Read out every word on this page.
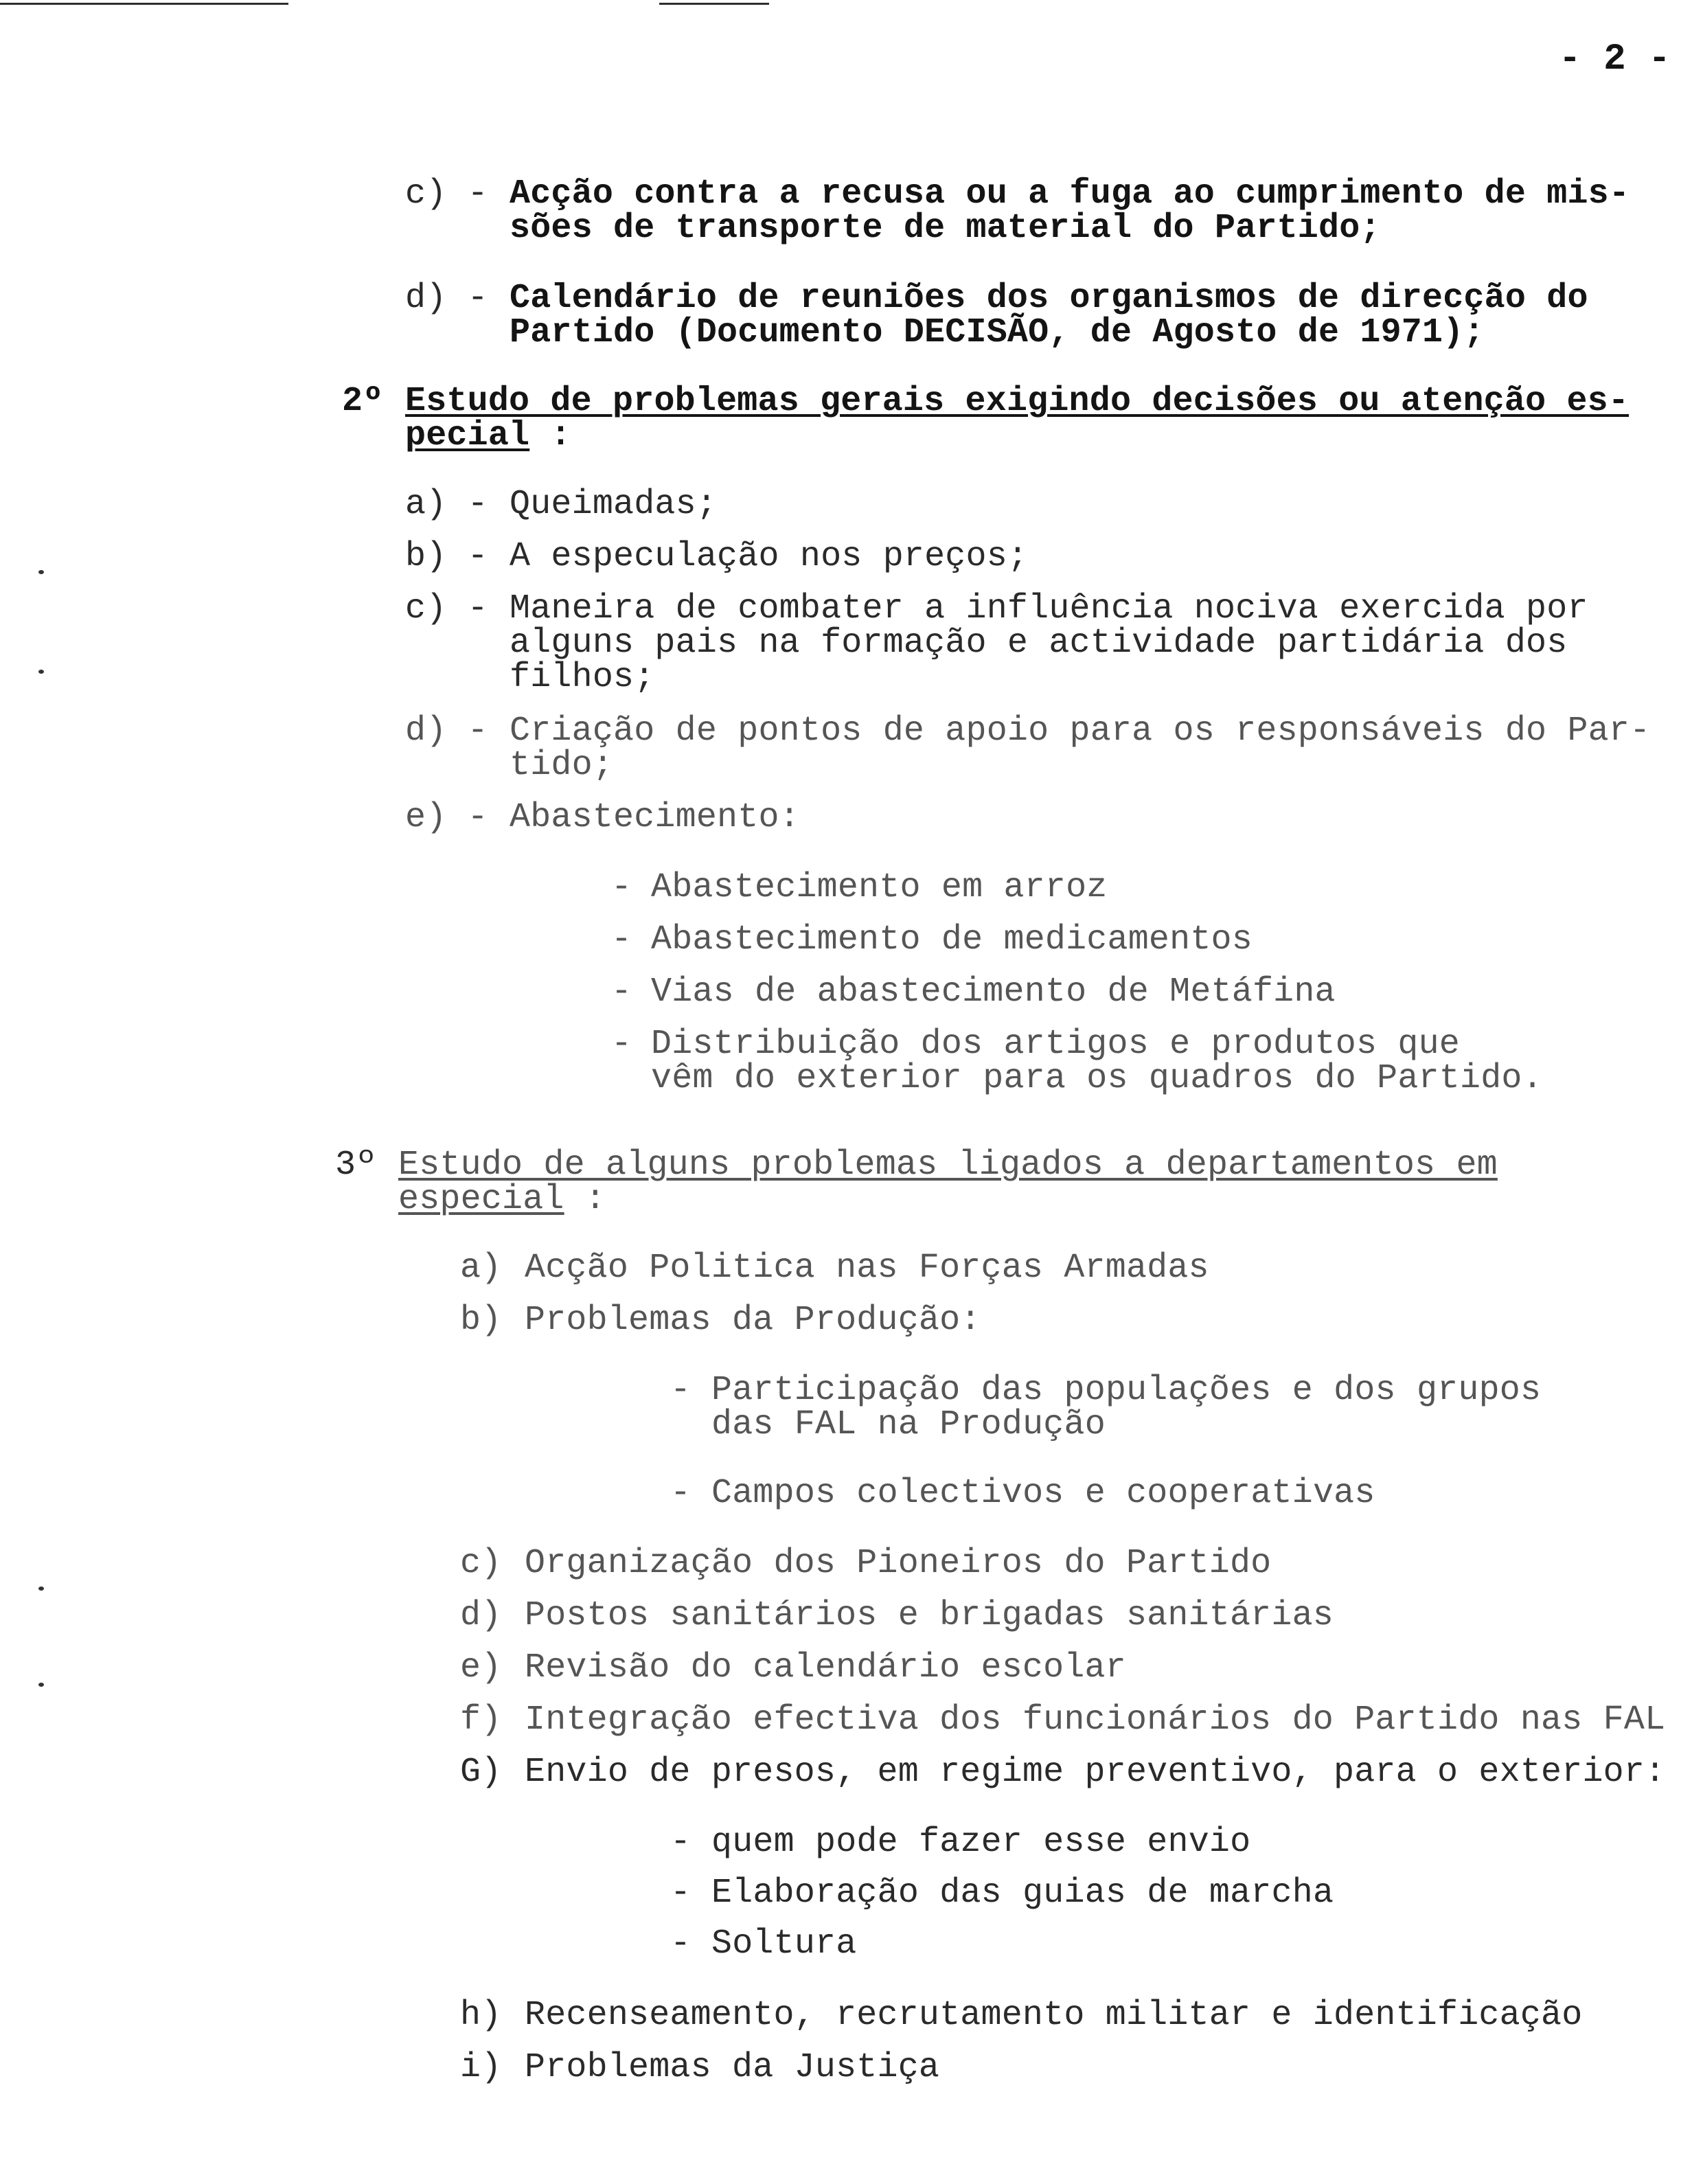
- 2 -
c) - Acção contra a recusa ou a fuga ao cumprimento de mis-
sões de transporte de material do Partido;
d) - Calendário de reuniões dos organismos de direcção do
Partido (Documento DECISÃO, de Agosto de 1971);
2º Estudo de problemas gerais exigindo decisões ou atenção es-
pecial :
a) - Queimadas;
b) - A especulação nos preços;
c) - Maneira de combater a influência nociva exercida por
alguns pais na formação e actividade partidária dos
filhos;
d) - Criação de pontos de apoio para os responsáveis do Par-
tido;
e) - Abastecimento:
- Abastecimento em arroz
- Abastecimento de medicamentos
- Vias de abastecimento de Metáfina
- Distribuição dos artigos e produtos que
vêm do exterior para os quadros do Partido.
3º Estudo de alguns problemas ligados a departamentos em
especial :
a) Acção Politica nas Forças Armadas
b) Problemas da Produção:
- Participação das populações e dos grupos
das FAL na Produção
- Campos colectivos e cooperativas
c) Organização dos Pioneiros do Partido
d) Postos sanitários e brigadas sanitárias
e) Revisão do calendário escolar
f) Integração efectiva dos funcionários do Partido nas FAL
G) Envio de presos, em regime preventivo, para o exterior:
- quem pode fazer esse envio
- Elaboração das guias de marcha
- Soltura
h) Recenseamento, recrutamento militar e identificação
i) Problemas da Justiça
